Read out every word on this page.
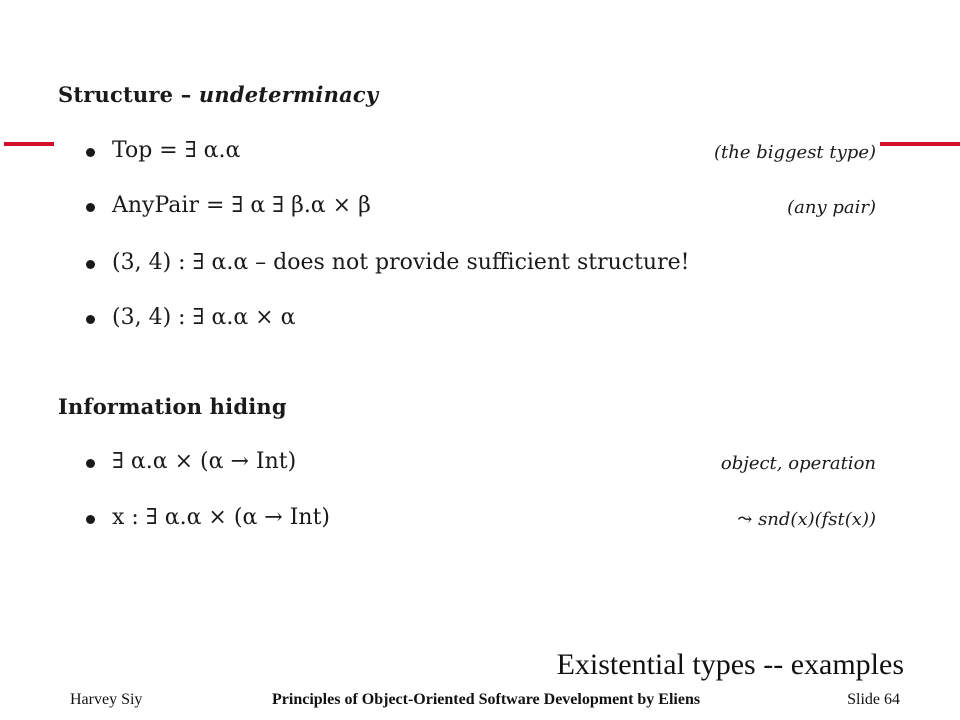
Structure – undeterminacy
Top = ∃ α.α	(the biggest type)
AnyPair = ∃ α ∃ β.α × β	(any pair)
(3, 4) : ∃ α.α – does not provide sufficient structure!
(3, 4) : ∃ α.α × α
Information hiding
∃ α.α × (α → Int)	object, operation
x : ∃ α.α × (α → Int)	⤳ snd(x)(fst(x))
Existential types -- examples
Harvey Siy	Principles of Object-Oriented Software Development by Eliens	Slide 64
